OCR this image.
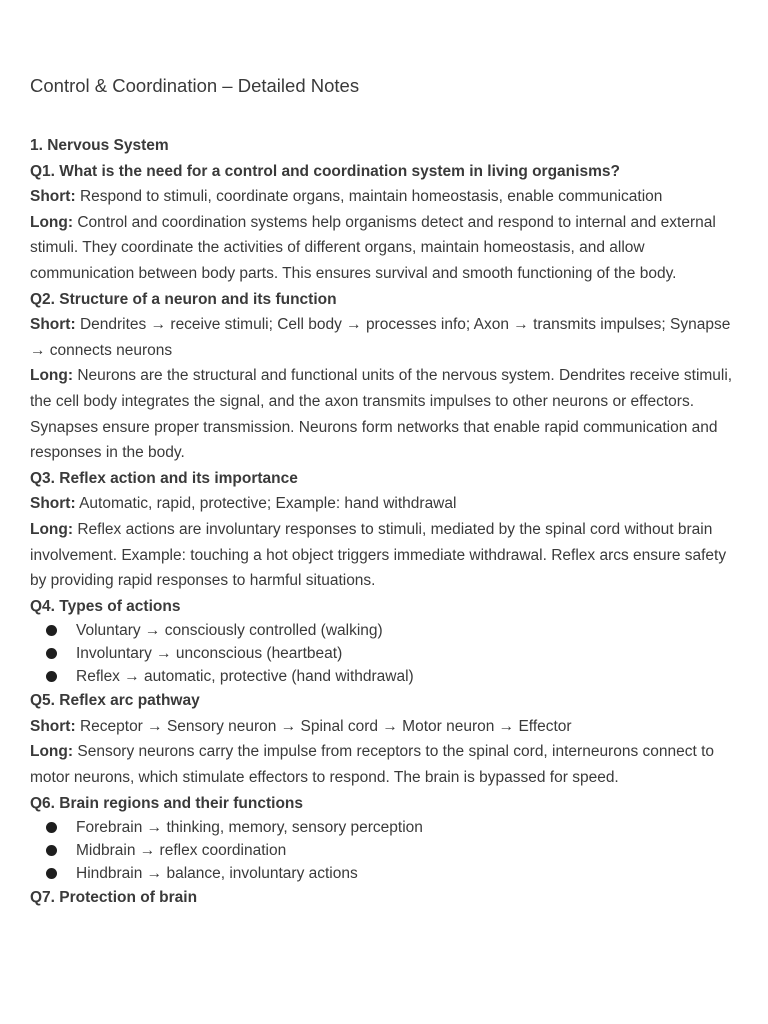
Control & Coordination – Detailed Notes
1. Nervous System
Q1. What is the need for a control and coordination system in living organisms?

Short: Respond to stimuli, coordinate organs, maintain homeostasis, enable communication

Long: Control and coordination systems help organisms detect and respond to internal and external stimuli. They coordinate the activities of different organs, maintain homeostasis, and allow communication between body parts. This ensures survival and smooth functioning of the body.

Q2. Structure of a neuron and its function

Short: Dendrites → receive stimuli; Cell body → processes info; Axon → transmits impulses; Synapse → connects neurons

Long: Neurons are the structural and functional units of the nervous system. Dendrites receive stimuli, the cell body integrates the signal, and the axon transmits impulses to other neurons or effectors. Synapses ensure proper transmission. Neurons form networks that enable rapid communication and responses in the body.

Q3. Reflex action and its importance

Short: Automatic, rapid, protective; Example: hand withdrawal

Long: Reflex actions are involuntary responses to stimuli, mediated by the spinal cord without brain involvement. Example: touching a hot object triggers immediate withdrawal. Reflex arcs ensure safety by providing rapid responses to harmful situations.

Q4. Types of actions
Voluntary → consciously controlled (walking)
Involuntary → unconscious (heartbeat)
Reflex → automatic, protective (hand withdrawal)
Q5. Reflex arc pathway

Short: Receptor → Sensory neuron → Spinal cord → Motor neuron → Effector

Long: Sensory neurons carry the impulse from receptors to the spinal cord, interneurons connect to motor neurons, which stimulate effectors to respond. The brain is bypassed for speed.

Q6. Brain regions and their functions
Forebrain → thinking, memory, sensory perception
Midbrain → reflex coordination
Hindbrain → balance, involuntary actions
Q7. Protection of brain
